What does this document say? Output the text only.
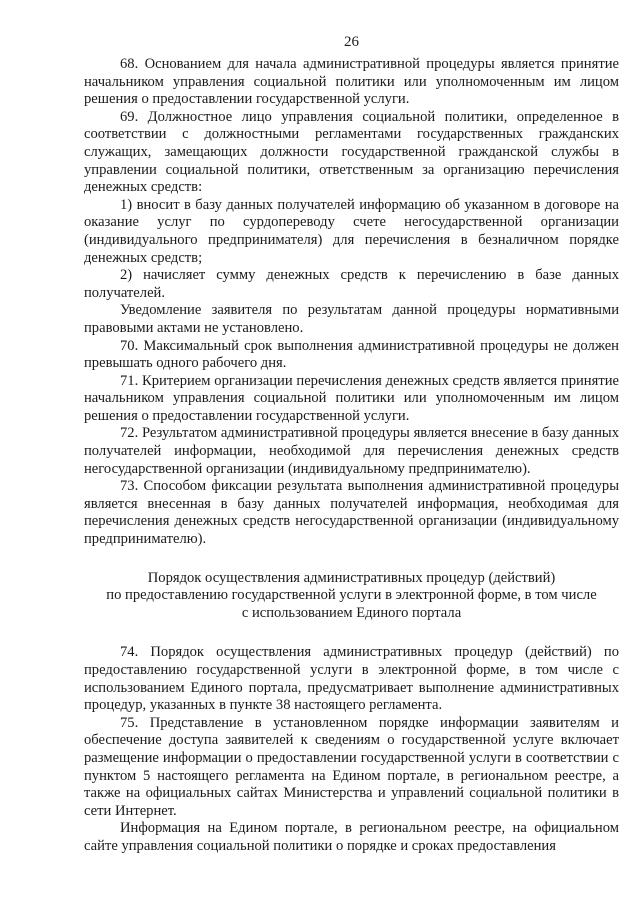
26

68. Основанием для начала административной процедуры является принятие начальником управления социальной политики или уполномоченным им лицом решения о предоставлении государственной услуги.

69. Должностное лицо управления социальной политики, определенное в соответствии с должностными регламентами государственных гражданских служащих, замещающих должности государственной гражданской службы в управлении социальной политики, ответственным за организацию перечисления денежных средств:

1) вносит в базу данных получателей информацию об указанном в договоре на оказание услуг по сурдопереводу счете негосударственной организации (индивидуального предпринимателя) для перечисления в безналичном порядке денежных средств;

2) начисляет сумму денежных средств к перечислению в базе данных получателей.

Уведомление заявителя по результатам данной процедуры нормативными правовыми актами не установлено.

70. Максимальный срок выполнения административной процедуры не должен превышать одного рабочего дня.

71. Критерием организации перечисления денежных средств является принятие начальником управления социальной политики или уполномоченным им лицом решения о предоставлении государственной услуги.

72. Результатом административной процедуры является внесение в базу данных получателей информации, необходимой для перечисления денежных средств негосударственной организации (индивидуальному предпринимателю).

73. Способом фиксации результата выполнения административной процедуры является внесенная в базу данных получателей информация, необходимая для перечисления денежных средств негосударственной организации (индивидуальному предпринимателю).

Порядок осуществления административных процедур (действий)

по предоставлению государственной услуги в электронной форме, в том числе

с использованием Единого портала

74. Порядок осуществления административных процедур (действий) по предоставлению государственной услуги в электронной форме, в том числе с использованием Единого портала, предусматривает выполнение административных процедур, указанных в пункте 38 настоящего регламента.

75. Представление в установленном порядке информации заявителям и обеспечение доступа заявителей к сведениям о государственной услуге включает размещение информации о предоставлении государственной услуги в соответствии с пунктом 5 настоящего регламента на Едином портале, в региональном реестре, а также на официальных сайтах Министерства и управлений социальной политики в сети Интернет.

Информация на Едином портале, в региональном реестре, на официальном сайте управления социальной политики о порядке и сроках предоставления
